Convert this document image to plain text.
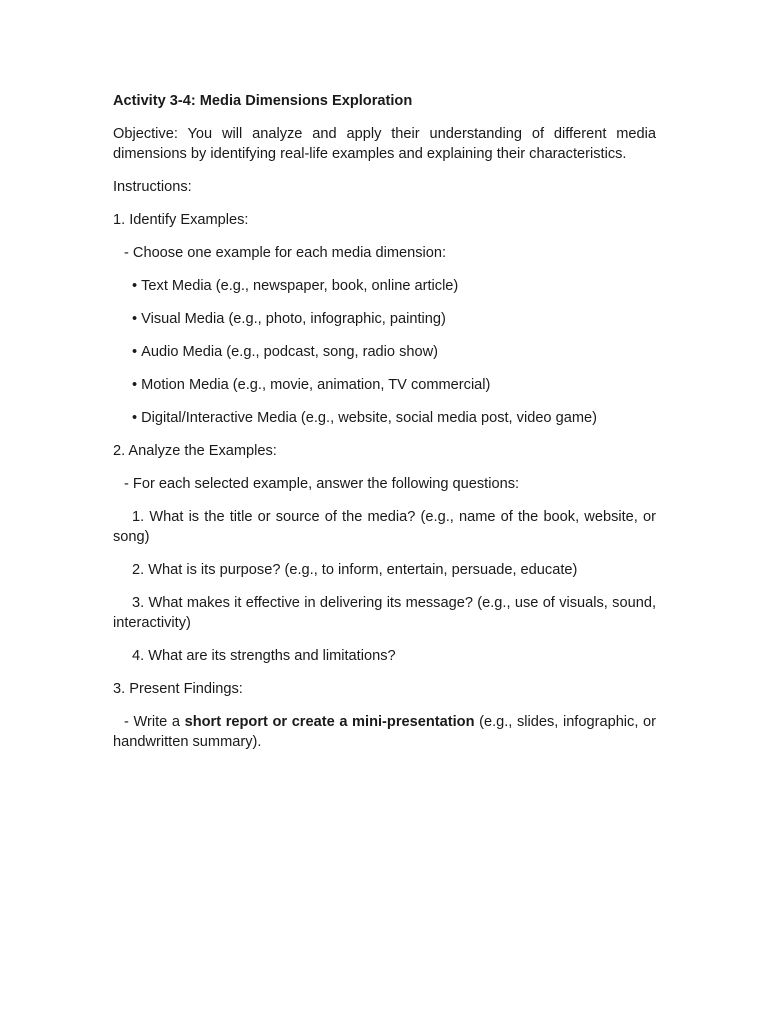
Activity 3-4: Media Dimensions Exploration
Objective: You will analyze and apply their understanding of different media dimensions by identifying real-life examples and explaining their characteristics.
Instructions:
1. Identify Examples:
- Choose one example for each media dimension:
• Text Media (e.g., newspaper, book, online article)
• Visual Media (e.g., photo, infographic, painting)
• Audio Media (e.g., podcast, song, radio show)
• Motion Media (e.g., movie, animation, TV commercial)
• Digital/Interactive Media (e.g., website, social media post, video game)
2. Analyze the Examples:
- For each selected example, answer the following questions:
1. What is the title or source of the media? (e.g., name of the book, website, or song)
2. What is its purpose? (e.g., to inform, entertain, persuade, educate)
3. What makes it effective in delivering its message? (e.g., use of visuals, sound, interactivity)
4. What are its strengths and limitations?
3. Present Findings:
- Write a short report or create a mini-presentation (e.g., slides, infographic, or handwritten summary).
